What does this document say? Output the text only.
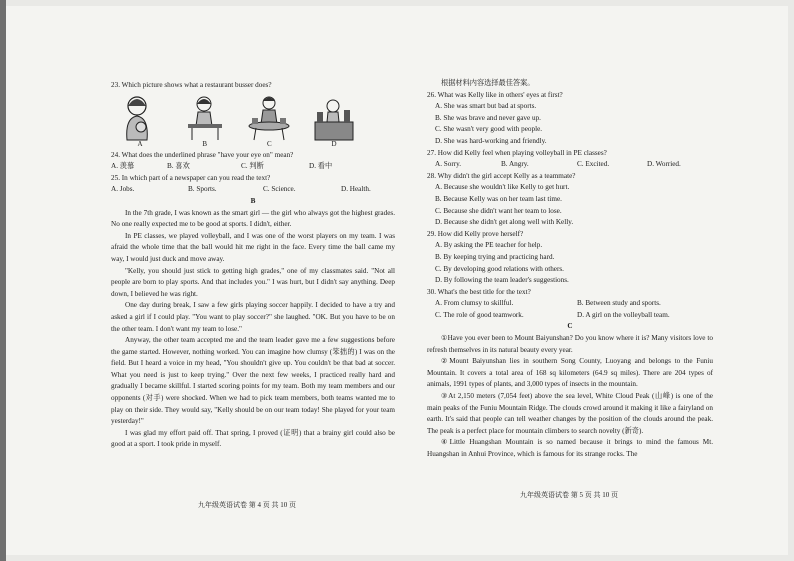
23. Which picture shows what a restaurant busser does?

A	B	C	D

24. What does the underlined phrase "have your eye on" mean?

A. 羡慕	B. 喜欢	C. 判断	D. 看中

25. In which part of a newspaper can you read the text?

A. Jobs.	B. Sports.	C. Science.	D. Health.

B

In the 7th grade, I was known as the smart girl — the girl who always got the highest grades. No one really expected me to be good at sports. I didn't, either.

In PE classes, we played volleyball, and I was one of the worst players on my team. I was afraid the whole time that the ball would hit me right in the face. Every time the ball came my way, I would just duck and move away.

"Kelly, you should just stick to getting high grades," one of my classmates said. "Not all people are born to play sports. And that includes you." I was hurt, but I didn't say anything. Deep down, I believed he was right.

One day during break, I saw a few girls playing soccer happily. I decided to have a try and asked a girl if I could play. "You want to play soccer?" she laughed. "OK. But you have to be on the other team. I don't want my team to lose."

Anyway, the other team accepted me and the team leader gave me a few suggestions before the game started. However, nothing worked. You can imagine how clumsy (笨拙的) I was on the field. But I heard a voice in my head, "You shouldn't give up. You couldn't be that bad at soccer. What you need is just to keep trying." Over the next few weeks, I practiced really hard and gradually I became skillful. I started scoring points for my team. Both my team members and our opponents (对手) were shocked. When we had to pick team members, both teams wanted me to play on their side. They would say, "Kelly should be on our team today! She played for your team yesterday!"

I was glad my effort paid off. That spring, I proved (证明) that a brainy girl could also be good at a sport. I took pride in myself.

九年级英语试卷 第 4 页 共 10 页

根据材料内容选择最佳答案。

26. What was Kelly like in others' eyes at first?

A. She was smart but bad at sports.

B. She was brave and never gave up.

C. She wasn't very good with people.

D. She was hard-working and friendly.

27. How did Kelly feel when playing volleyball in PE classes?

A. Sorry.	B. Angry.	C. Excited.	D. Worried.

28. Why didn't the girl accept Kelly as a teammate?

A. Because she wouldn't like Kelly to get hurt.

B. Because Kelly was on her team last time.

C. Because she didn't want her team to lose.

D. Because she didn't get along well with Kelly.

29. How did Kelly prove herself?

A. By asking the PE teacher for help.

B. By keeping trying and practicing hard.

C. By developing good relations with others.

D. By following the team leader's suggestions.

30. What's the best title for the text?

A. From clumsy to skillful.	B. Between study and sports.
C. The role of good teamwork.	D. A girl on the volleyball team.

C

①Have you ever been to Mount Baiyunshan? Do you know where it is? Many visitors love to refresh themselves in its natural beauty every year.

②Mount Baiyunshan lies in southern Song County, Luoyang and belongs to the Funiu Mountain. It covers a total area of 168 sq kilometers (64.9 sq miles). There are 204 types of animals, 1991 types of plants, and 3,000 types of insects in the mountain.

③At 2,150 meters (7,054 feet) above the sea level, White Cloud Peak (山峰) is one of the main peaks of the Funiu Mountain Ridge. The clouds crowd around it making it like a fairyland on earth. It's said that people can tell weather changes by the position of the clouds around the peak. The peak is a perfect place for mountain climbers to search novelty (新奇).

④Little Huangshan Mountain is so named because it brings to mind the famous Mt. Huangshan in Anhui Province, which is famous for its strange rocks. The

九年级英语试卷 第 5 页 共 10 页
